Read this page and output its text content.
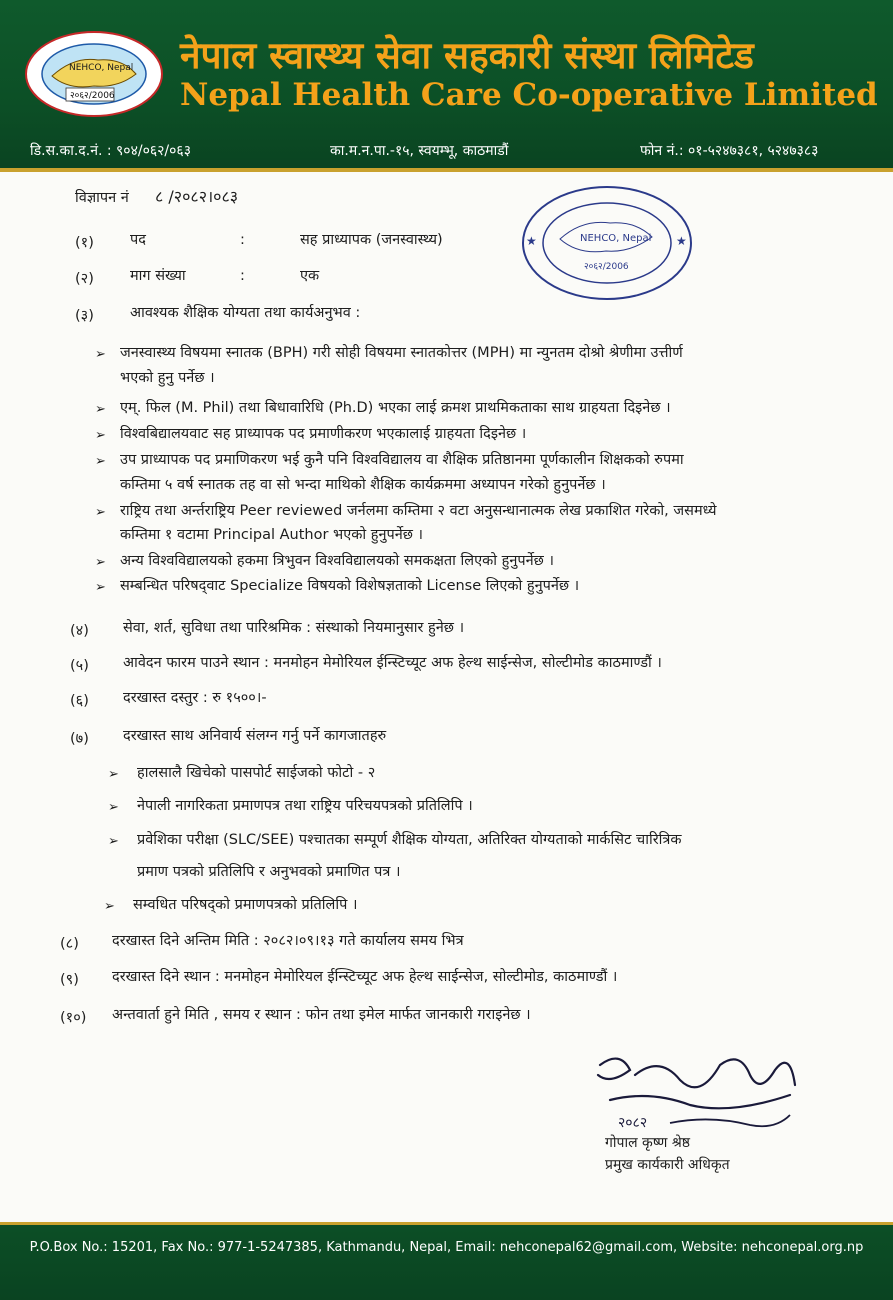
NEHCO, Nepal
२०६२/2006
नेपाल स्वास्थ्य सेवा सहकारी संस्था लिमिटेड
Nepal Health Care Co-operative Limited
डि.स.का.द.नं. : ९०४/०६२/०६३	का.म.न.पा.-१५, स्वयम्भू, काठमाडौं	फोन नं.: ०१-५२४७३८१, ५२४७३८३
विज्ञापन नं ८ /२०८२।०८३
NEHCO, Nepal
२०६२/2006
★	★
(१) पद	:	सह प्राध्यापक (जनस्वास्थ्य)
(२) माग संख्या	:	एक
(३) आवश्यक शैक्षिक योग्यता तथा कार्यअनुभव :
➢ जनस्वास्थ्य विषयमा स्नातक (BPH) गरी सोही विषयमा स्नातकोत्तर (MPH) मा न्युनतम दोश्रो श्रेणीमा उत्तीर्ण
भएको हुनु पर्नेछ ।
➢ एम्. फिल (M. Phil) तथा बिधावारिधि (Ph.D) भएका लाई क्रमश प्राथमिकताका साथ ग्राहयता दिइनेछ ।
➢ विश्वबिद्यालयवाट सह प्राध्यापक पद प्रमाणीकरण भएकालाई ग्राहयता दिइनेछ ।
➢ उप प्राध्यापक पद प्रमाणिकरण भई कुनै पनि विश्वविद्यालय वा शैक्षिक प्रतिष्ठानमा पूर्णकालीन शिक्षकको रुपमा
कम्तिमा ५ वर्ष स्नातक तह वा सो भन्दा माथिको शैक्षिक कार्यक्रममा अध्यापन गरेको हुनुपर्नेछ ।
➢ राष्ट्रिय तथा अर्न्तराष्ट्रिय Peer reviewed जर्नलमा कम्तिमा २ वटा अनुसन्धानात्मक लेख प्रकाशित गरेको, जसमध्ये
कम्तिमा १ वटामा Principal Author भएको हुनुपर्नेछ ।
➢ अन्य विश्वविद्यालयको हकमा त्रिभुवन विश्वविद्यालयको समकक्षता लिएको हुनुपर्नेछ ।
➢ सम्बन्धित परिषद्‌वाट Specialize विषयको विशेषज्ञताको License लिएको हुनुपर्नेछ ।
(४) सेवा, शर्त, सुविधा तथा पारिश्रमिक : संस्थाको नियमानुसार हुनेछ ।
(५) आवेदन फारम पाउने स्थान : मनमोहन मेमोरियल ईन्स्टिच्यूट अफ हेल्थ साईन्सेज, सोल्टीमोड काठमाण्डौं ।
(६) दरखास्त दस्तुर : रु १५००।-
(७) दरखास्त साथ अनिवार्य संलग्न गर्नु पर्ने कागजातहरु
➢ हालसालै खिचेको पासपोर्ट साईजको फोटो - २
➢ नेपाली नागरिकता प्रमाणपत्र तथा राष्ट्रिय परिचयपत्रको प्रतिलिपि ।
➢ प्रवेशिका परीक्षा (SLC/SEE) पश्चातका सम्पूर्ण शैक्षिक योग्यता, अतिरिक्त योग्यताको मार्कसिट चारित्रिक
प्रमाण पत्रको प्रतिलिपि र अनुभवको प्रमाणित पत्र ।
➢ सम्वधित परिषद्‌को प्रमाणपत्रको प्रतिलिपि ।
(८) दरखास्त दिने अन्तिम मिति : २०८२।०९।१३ गते कार्यालय समय भित्र
(९) दरखास्त दिने स्थान : मनमोहन मेमोरियल ईन्स्टिच्यूट अफ हेल्थ साईन्सेज, सोल्टीमोड, काठमाण्डौं ।
(१०) अन्तवार्ता हुने मिति , समय र स्थान : फोन तथा इमेल मार्फत जानकारी गराइनेछ ।
२०८२
गोपाल कृष्ण श्रेष्ठ
प्रमुख कार्यकारी अधिकृत
P.O.Box No.: 15201, Fax No.: 977-1-5247385, Kathmandu, Nepal, Email: nehconepal62@gmail.com, Website: nehconepal.org.np
